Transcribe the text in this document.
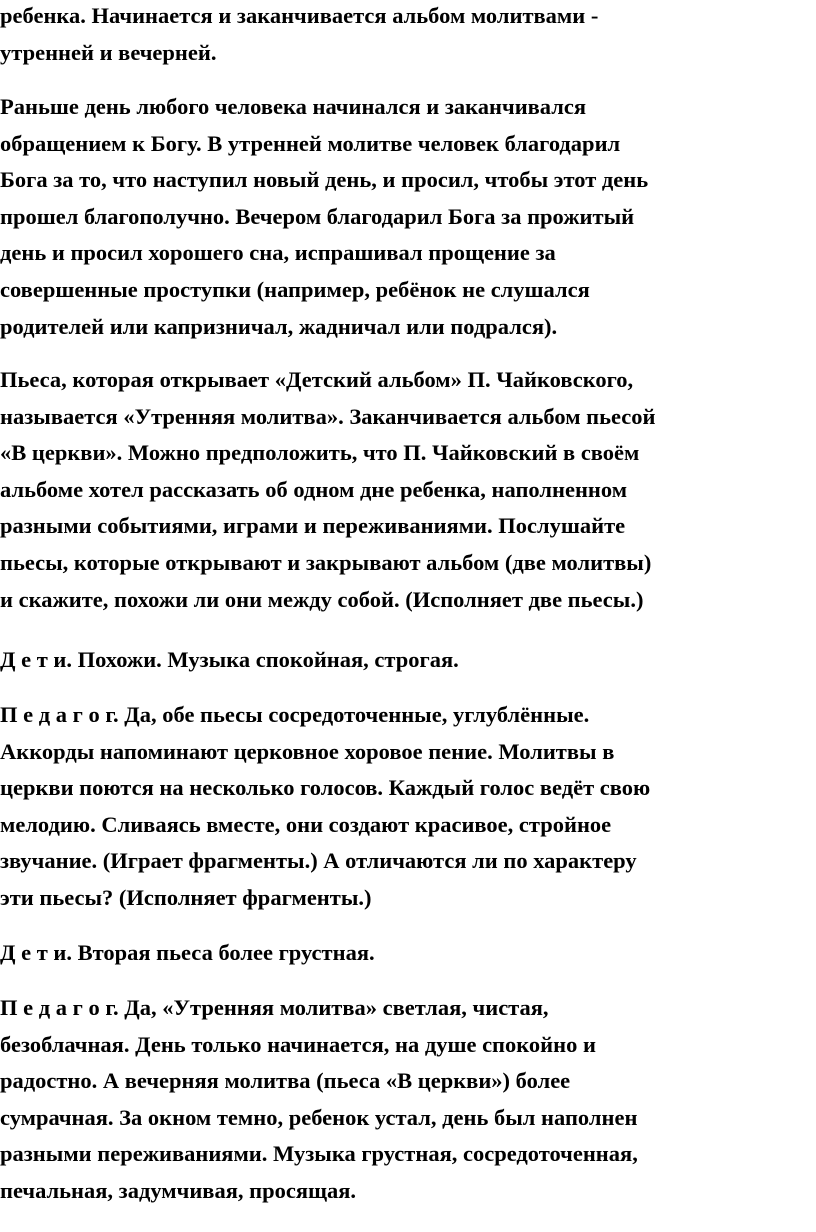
ребенка. Начинается и заканчивается альбом молитвами -
утренней и вечерней.
Раньше день любого человека начинался и заканчивался
обращением к Богу. В утренней молитве человек благодарил
Бога за то, что наступил новый день, и просил, чтобы этот день
прошел благополучно. Вечером благодарил Бога за прожитый
день и просил хорошего сна, испрашивал прощение за
совершенные проступки (например, ребёнок не слушался
родителей или капризничал, жадничал или подрался).
Пьеса, которая открывает «Детский альбом» П. Чайковского,
называется «Утренняя молитва». Заканчивается альбом пьесой
«В церкви». Можно предположить, что П. Чайковский в своём
альбоме хотел рассказать об одном дне ребенка, наполненном
разными событиями, играми и переживаниями. Послушайте
пьесы, которые открывают и закрывают альбом (две молитвы)
и скажите, похожи ли они между собой. (Исполняет две пьесы.)
Д е т и. Похожи. Музыка спокойная, строгая.
П е д а г о г. Да, обе пьесы сосредоточенные, углублённые.
Аккорды напоминают церковное хоровое пение. Молитвы в
церкви поются на несколько голосов. Каждый голос ведёт свою
мелодию. Сливаясь вместе, они создают красивое, стройное
звучание. (Играет фрагменты.) А отличаются ли по характеру
эти пьесы? (Исполняет фрагменты.)
Д е т и. Вторая пьеса более грустная.
П е д а г о г. Да, «Утренняя молитва» светлая, чистая,
безоблачная. День только начинается, на душе спокойно и
радостно. А вечерняя молитва (пьеса «В церкви») более
сумрачная. За окном темно, ребенок устал, день был наполнен
разными переживаниями. Музыка грустная, сосредоточенная,
печальная, задумчивая, просящая.
